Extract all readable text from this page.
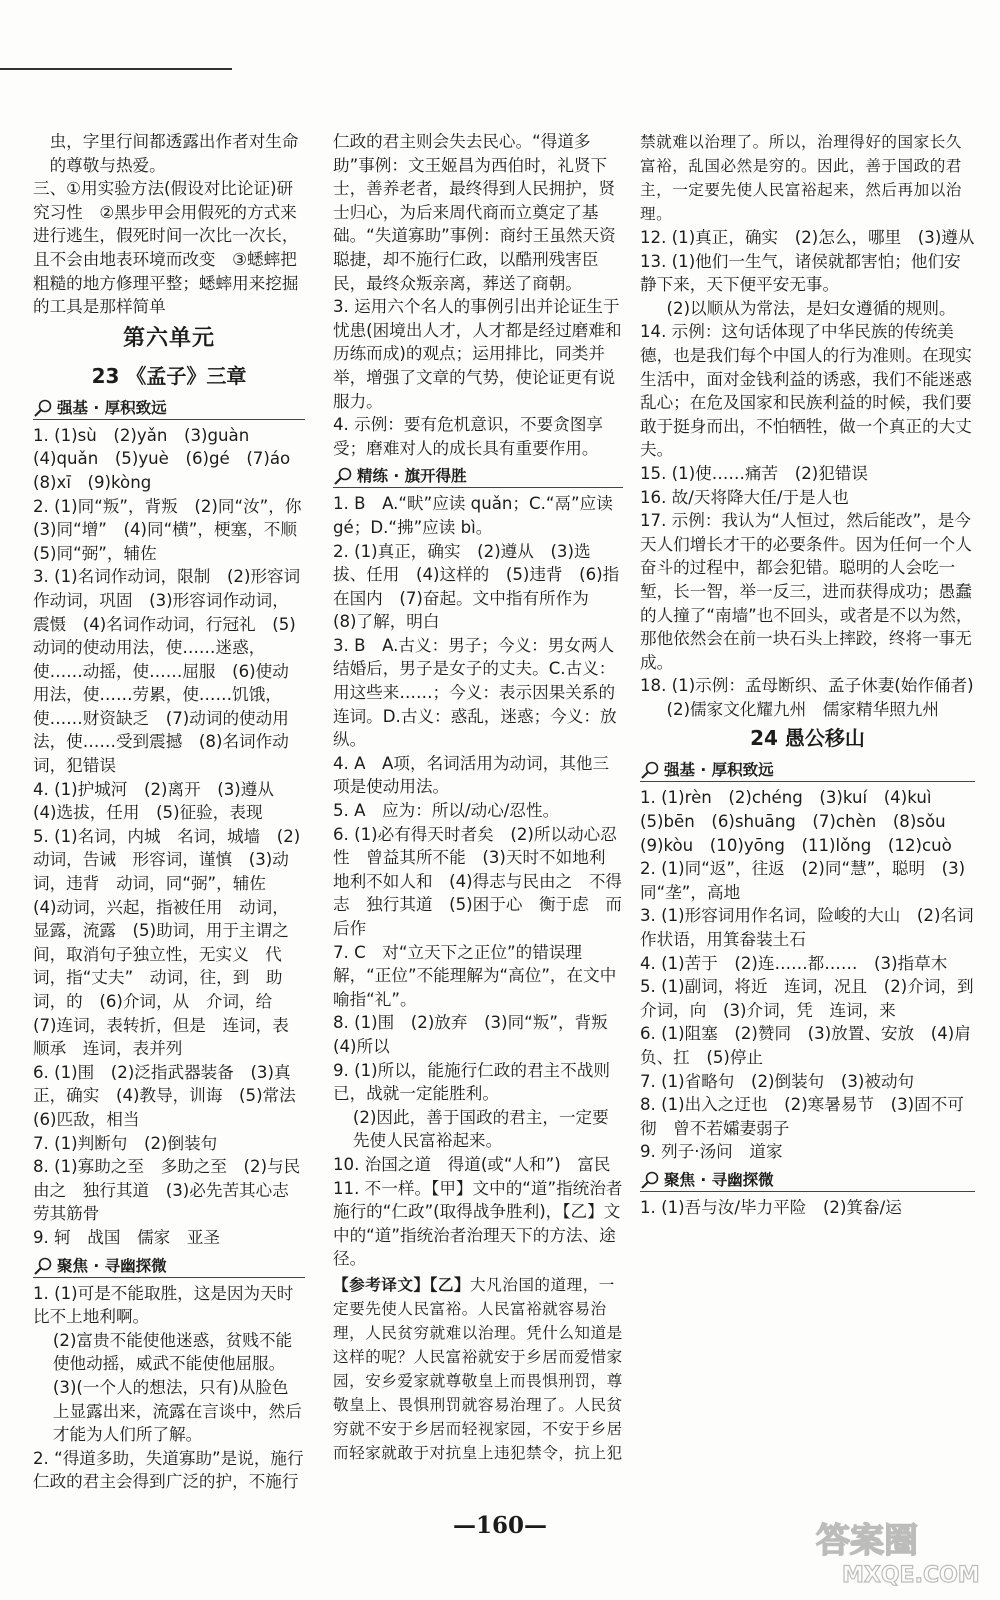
虫，字里行间都透露出作者对生命的尊敬与热爱。

三、①用实验方法(假设对比论证)研究习性　②黑步甲会用假死的方式来进行逃生，假死时间一次比一次长，且不会由地表环境而改变　③蟋蟀把粗糙的地方修理平整；蟋蟀用来挖掘的工具是那样简单

第六单元
23 《孟子》三章
强基 · 厚积致远

1. (1)sù　(2)yǎn　(3)guàn　(4)quǎn　(5)yuè　(6)gé　(7)áo　(8)xī　(9)kòng

2. (1)同“叛”，背叛　(2)同“汝”，你　(3)同“增”　(4)同“横”，梗塞，不顺　(5)同“弼”，辅佐

3. (1)名词作动词，限制　(2)形容词作动词，巩固　(3)形容词作动词，震慑　(4)名词作动词，行冠礼　(5)动词的使动用法，使……迷惑，使……动摇，使……屈服　(6)使动用法，使……劳累，使……饥饿，使……财资缺乏　(7)动词的使动用法，使……受到震撼　(8)名词作动词，犯错误

4. (1)护城河　(2)离开　(3)遵从　(4)选拔，任用　(5)征验，表现

5. (1)名词，内城　名词，城墙　(2)动词，告诫　形容词，谨慎　(3)动词，违背　动词，同“弼”，辅佐　(4)动词，兴起，指被任用　动词，显露，流露　(5)助词，用于主谓之间，取消句子独立性，无实义　代词，指“丈夫”　动词，往，到　助词，的　(6)介词，从　介词，给　(7)连词，表转折，但是　连词，表顺承　连词，表并列

6. (1)围　(2)泛指武器装备　(3)真正，确实　(4)教导，训诲　(5)常法　(6)匹敌，相当

7. (1)判断句　(2)倒装句

8. (1)寡助之至　多助之至　(2)与民由之　独行其道　(3)必先苦其心志　劳其筋骨

9. 轲　战国　儒家　亚圣

聚焦 · 寻幽探微

1. (1)可是不能取胜，这是因为天时比不上地利啊。

(2)富贵不能使他迷惑，贫贱不能使他动摇，威武不能使他屈服。

(3)(一个人的想法，只有)从脸色上显露出来，流露在言谈中，然后才能为人们所了解。

2. “得道多助，失道寡助”是说，施行仁政的君主会得到广泛的护，不施行

仁政的君主则会失去民心。“得道多助”事例：文王姬昌为西伯时，礼贤下士，善养老者，最终得到人民拥护，贤士归心，为后来周代商而立奠定了基础。“失道寡助”事例：商纣王虽然天资聪捷，却不施行仁政，以酷刑残害臣民，最终众叛亲离，葬送了商朝。

3. 运用六个名人的事例引出并论证生于忧患(困境出人才，人才都是经过磨难和历练而成)的观点；运用排比，同类并举，增强了文章的气势，使论证更有说服力。

4. 示例：要有危机意识，不要贪图享受；磨难对人的成长具有重要作用。

精练 · 旗开得胜

1. B　A.“畎”应读 quǎn；C.“鬲”应读 gé；D.“拂”应读 bì。

2. (1)真正，确实　(2)遵从　(3)选拔、任用　(4)这样的　(5)违背　(6)指在国内　(7)奋起。文中指有所作为　(8)了解，明白

3. B　A.古义：男子；今义：男女两人结婚后，男子是女子的丈夫。C.古义：用这些来……；今义：表示因果关系的连词。D.古义：惑乱，迷惑；今义：放纵。

4. A　A项，名词活用为动词，其他三项是使动用法。

5. A　应为：所以/动心/忍性。

6. (1)必有得天时者矣　(2)所以动心忍性　曾益其所不能　(3)天时不如地利　地利不如人和　(4)得志与民由之　不得志　独行其道　(5)困于心　衡于虑　而后作

7. C　对“立天下之正位”的错误理解，“正位”不能理解为“高位”，在文中喻指“礼”。

8. (1)围　(2)放弃　(3)同“叛”，背叛　(4)所以

9. (1)所以，能施行仁政的君主不战则已，战就一定能胜利。

(2)因此，善于国政的君主，一定要先使人民富裕起来。

10. 治国之道　得道(或“人和”)　富民

11. 不一样。【甲】文中的“道”指统治者施行的“仁政”(取得战争胜利)，【乙】文中的“道”指统治者治理天下的方法、途径。

【参考译文】【乙】大凡治国的道理，一定要先使人民富裕。人民富裕就容易治理，人民贫穷就难以治理。凭什么知道是这样的呢？人民富裕就安于乡居而爱惜家园，安乡爱家就尊敬皇上而畏惧刑罚，尊敬皇上、畏惧刑罚就容易治理了。人民贫穷就不安于乡居而轻视家园，不安于乡居而轻家就敢于对抗皇上违犯禁令，抗上犯

禁就难以治理了。所以，治理得好的国家长久富裕，乱国必然是穷的。因此，善于国政的君主，一定要先使人民富裕起来，然后再加以治理。

12. (1)真正，确实　(2)怎么，哪里　(3)遵从

13. (1)他们一生气，诸侯就都害怕；他们安静下来，天下便平安无事。

(2)以顺从为常法，是妇女遵循的规则。

14. 示例：这句话体现了中华民族的传统美德，也是我们每个中国人的行为准则。在现实生活中，面对金钱利益的诱惑，我们不能迷惑乱心；在危及国家和民族利益的时候，我们要敢于挺身而出，不怕牺牲，做一个真正的大丈夫。

15. (1)使……痛苦　(2)犯错误

16. 故/天将降大任/于是人也

17. 示例：我认为“人恒过，然后能改”，是今天人们增长才干的必要条件。因为任何一个人奋斗的过程中，都会犯错。聪明的人会吃一堑，长一智，举一反三，进而获得成功；愚蠢的人撞了“南墙”也不回头，或者是不以为然，那他依然会在前一块石头上摔跤，终将一事无成。

18. (1)示例：孟母断织、孟子休妻(始作俑者)

(2)儒家文化耀九州　儒家精华照九州

24 愚公移山
强基 · 厚积致远

1. (1)rèn　(2)chéng　(3)kuí　(4)kuì　(5)bēn　(6)shuāng　(7)chèn　(8)sǒu　(9)kòu　(10)yōng　(11)lǒng　(12)cuò

2. (1)同“返”，往返　(2)同“慧”，聪明　(3)同“垄”，高地

3. (1)形容词用作名词，险峻的大山　(2)名词作状语，用箕畚装土石

4. (1)苦于　(2)连……都……　(3)指草木

5. (1)副词，将近　连词，况且　(2)介词，到　介词，向　(3)介词，凭　连词，来

6. (1)阻塞　(2)赞同　(3)放置、安放　(4)肩负、扛　(5)停止

7. (1)省略句　(2)倒装句　(3)被动句

8. (1)出入之迂也　(2)寒暑易节　(3)固不可彻　曾不若孀妻弱子

9. 列子·汤问　道家

聚焦 · 寻幽探微

1. (1)吾与汝/毕力平险　(2)箕畚/运

—160—	答案圈
MXQE.COM
